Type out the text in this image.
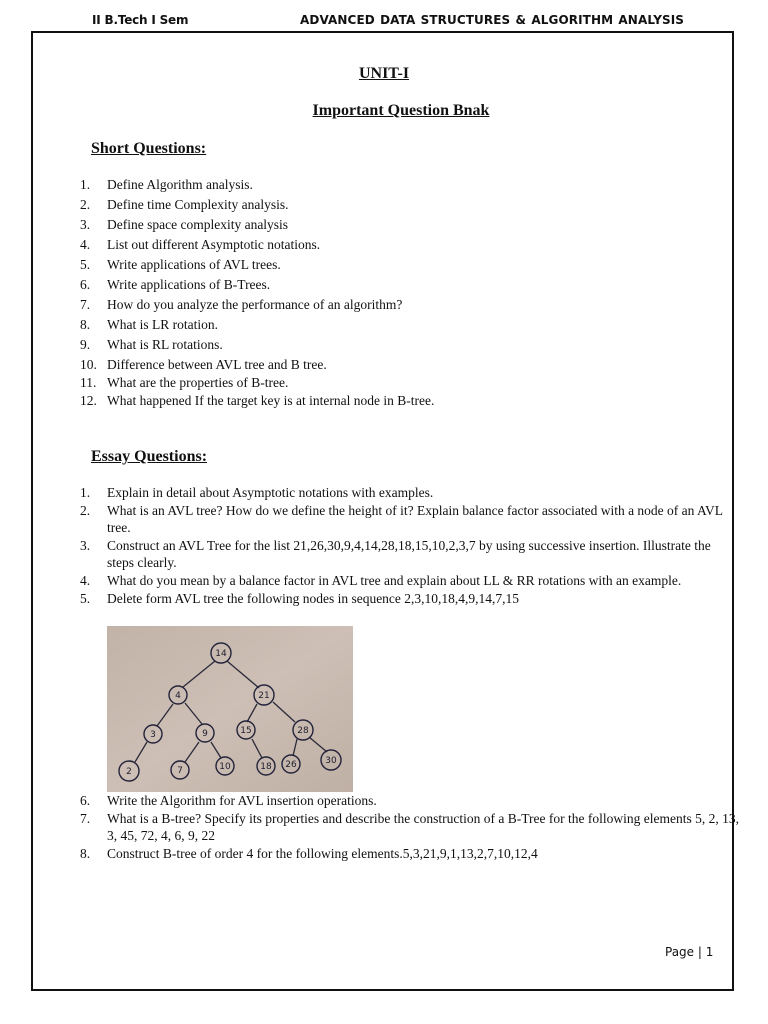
II B.Tech I Sem	ADVANCED DATA STRUCTURES & ALGORITHM ANALYSIS
UNIT-I
Important Question Bnak
Short Questions:
1.	Define Algorithm analysis.
2.	Define time Complexity analysis.
3.	Define space complexity analysis
4.	List out different Asymptotic notations.
5.	Write applications of AVL trees.
6.	Write applications of B-Trees.
7.	How do you analyze the performance of an algorithm?
8.	What is LR rotation.
9.	What is RL rotations.
10. Difference between AVL tree and B tree.
11. What are the properties of B-tree.
12. What happened If the target key is at internal node in B-tree.
Essay Questions:
1.	Explain in detail about Asymptotic notations with examples.
2.	What is an AVL tree? How do we define the height of it? Explain balance factor associated with a node of an AVL tree.
3.	Construct an AVL Tree for the list 21,26,30,9,4,14,28,18,15,10,2,3,7 by using successive insertion. Illustrate the steps clearly.
4.	What do you mean by a balance factor in AVL tree and explain about LL & RR rotations with an example.
5.	Delete form AVL tree the following nodes in sequence 2,3,10,18,4,9,14,7,15
14
4	21
3	9	15	28
2	7	10	18 26	30
6.	Write the Algorithm for AVL insertion operations.
7.	What is a B-tree? Specify its properties and describe the construction of a B-Tree for the following elements 5, 2, 13, 3, 45, 72, 4, 6, 9, 22
8.	Construct B-tree of order 4 for the following elements.5,3,21,9,1,13,2,7,10,12,4
Page | 1
